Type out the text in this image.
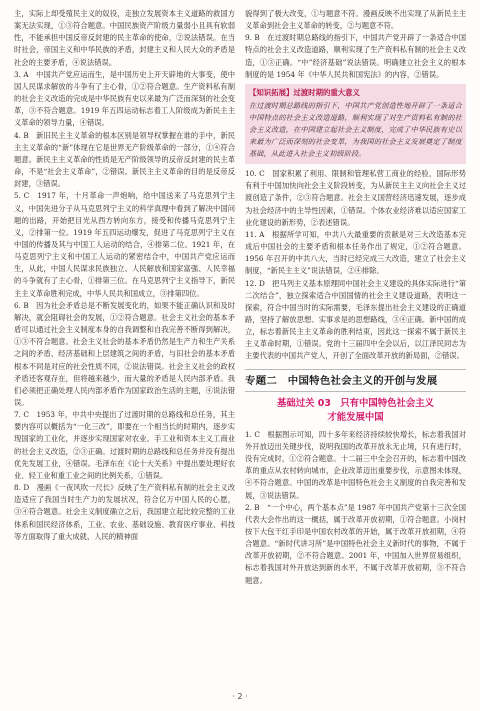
主，实际上却受殖民主义的奴役，走独立发展资本主义道路的救国方案无法实现，①③符合题意。中国民族资产阶级力量弱小且具有软弱性，不能承担中国反帝反封建的民主革命的使命，②说法错误。在当时社会，帝国主义和中华民族的矛盾，封建主义和人民大众的矛盾是社会的主要矛盾，④说法错误。

3. A　中国共产党应运而生，是中国历史上开天辟地的大事变，使中国人民谋求解放的斗争有了主心骨，①②符合题意。生产资料私有制的社会主义改造的完成是中华民族有史以来最为广泛而深刻的社会变革，③不符合题意。1919 年五四运动标志着工人阶级成为新民主主义革命的领导力量，④错误。

4. B　新旧民主主义革命的根本区别是领导权掌握在谁的手中，新民主主义革命的“新”体现在它是世界无产阶级革命的一部分，①④符合题意。新民主主义革命的性质是无产阶级领导的反帝反封建的民主革命，不是“社会主义革命”，②错误。新民主主义革命的目的是反帝反封建，③错误。

5. C　1917 年，十月革命一声炮响，给中国送来了马克思列宁主义，中国先进分子从马克思列宁主义的科学真理中看到了解决中国问题的出路，开始把目光从西方转向东方，接受和传播马克思列宁主义，②排第一位。1919 年五四运动爆发，促进了马克思列宁主义在中国的传播及其与中国工人运动的结合，④排第二位。1921 年，在马克思列宁主义和中国工人运动的紧密结合中，中国共产党应运而生，从此，中国人民谋求民族独立、人民解放和国家富强、人民幸福的斗争就有了主心骨，①排第三位。在马克思列宁主义指导下，新民主主义革命胜利完成，中华人民共和国成立，③排第四位。

6. B　因为社会矛盾总是不断发展变化的，如果不能正确认识和及时解决，就会阻碍社会的发展，①②符合题意。社会主义社会的基本矛盾可以通过社会主义制度本身的自我调整和自我完善不断得到解决，①③不符合题意。社会主义社会的基本矛盾仍然是生产力和生产关系之间的矛盾、经济基础和上层建筑之间的矛盾，与旧社会的基本矛盾根本不同是对应的社会性质不同，②说法错误。社会主义社会的政权矛盾还客观存在，但将越来越少，而大量的矛盾是人民内部矛盾。我们必须把正确处理人民内部矛盾作为国家政治生活的主题，④说法错误。

7. C　1953 年，中共中央提出了过渡时期的总路线和总任务，其主要内容可以概括为“一化三改”，即要在一个相当长的时期内，逐步实现国家的工业化，并逐步实现国家对农业、手工业和资本主义工商业的社会主义改造，②③正确。过渡时期的总路线和总任务并没有提出优先发展工业，④错误。毛泽东在《论十大关系》中提出要处理好农业、轻工业和重工业之间的比例关系，①错误。

8. D　漫画《一夜风吹一尺长》反映了生产资料私有制的社会主义改造适应了我国当时生产力的发展状况，符合亿万中国人民的心愿，③④符合题意。社会主义制度确立之后，我国建立起比较完整的工业体系和国民经济体系，工业、农业、基础设施、教育医疗事业、科技等方面取得了重大成就，人民的精神面

貌得到了极大改变，①与题意不符。漫画反映不出实现了从新民主主义革命到社会主义革命的转变，②与题意不符。

9. B　在过渡时期总路线的指引下，中国共产党开辟了一条适合中国特点的社会主义改造道路，顺利实现了生产资料私有制的社会主义改造，①③正确。“中”经济基础”说法错误。明确建立社会主义的根本制度的是 1954 年《中华人民共和国宪法》的内容，②错误。

【知识拓展】过渡时期的重大意义
在过渡时期总路线的指引下，中国共产党创造性地开辟了一条适合中国特点的社会主义改造道路，顺利实现了对生产资料私有制的社会主义改造，在中国建立起社会主义制度，完成了中华民族有史以来最为广泛而深刻的社会变革，为我国的社会主义发展奠定了制度基础，从此进入社会主义初级阶段。

10. C　国家积累了利用、限制和管理私营工商业的经验，国际形势有利于中国加快向社会主义阶段转变，为从新民主主义向社会主义过渡创造了条件，②③符合题意。社会主义国营经济迅速发展，逐步成为社会经济中的主导性因素，①错误。个体农业经济难以适应国家工业化建设的新形势，②表述错误。

11. A　根据所学可知，中共八大最重要的贡献是对三大改造基本完成后中国社会的主要矛盾和根本任务作出了规定，①②符合题意。1956 年召开的中共八大，当时已经完成三大改造，建立了社会主义制度，“新民主主义”说法错误，②④排除。

12. D　把马列主义基本原理同中国社会主义建设的具体实际进行“第二次结合”，独立探索适合中国国情的社会主义建设道路，表明这一探索，符合中国当时的实际需要，毛泽东提出社会主义建设的正确道路，坚持了解放思想、实事求是的思想路线，③④正确。新中国的成立，标志着新民主主义革命的胜利结束，因此这一探索不属于新民主主义革命时期，①错误。党的十三届四中全会以后，以江泽民同志为主要代表的中国共产党人，开创了全面改革开放的新局面，②错误。

专题二　中国特色社会主义的开创与发展
基础过关 03　只有中国特色社会主义
才能发展中国

1. C　根据图示可知，四十多年来经济持续较快增长，标志着我国对外开放迈出关键步伐，说明我国的改革开放永无止境，只有进行时，没有完成时，①②符合题意。十二届三中全会召开的，标志着中国改革的重点从农村转向城市，企业改革迈出重要步伐，示意图未体现，④不符合题意。中国的改革是中国特色社会主义制度的自我完善和发展，③说法错误。

2. B　“一个中心，两个基本点”是 1987 年中国共产党第十三次全国代表大会作出的这一概括，属于改革开放初期，①符合题意。小岗村按下大包干红手印是中国农村改革的开始，属于改革开放初期，④符合题意。“新时代讲习所”是中国特色社会主义新时代的事物，不属于改革开放初期，②不符合题意。2001 年，中国加入世界贸易组织，标志着我国对外开放达到新的水平，不属于改革开放初期，③不符合题意。

· 2 ·
